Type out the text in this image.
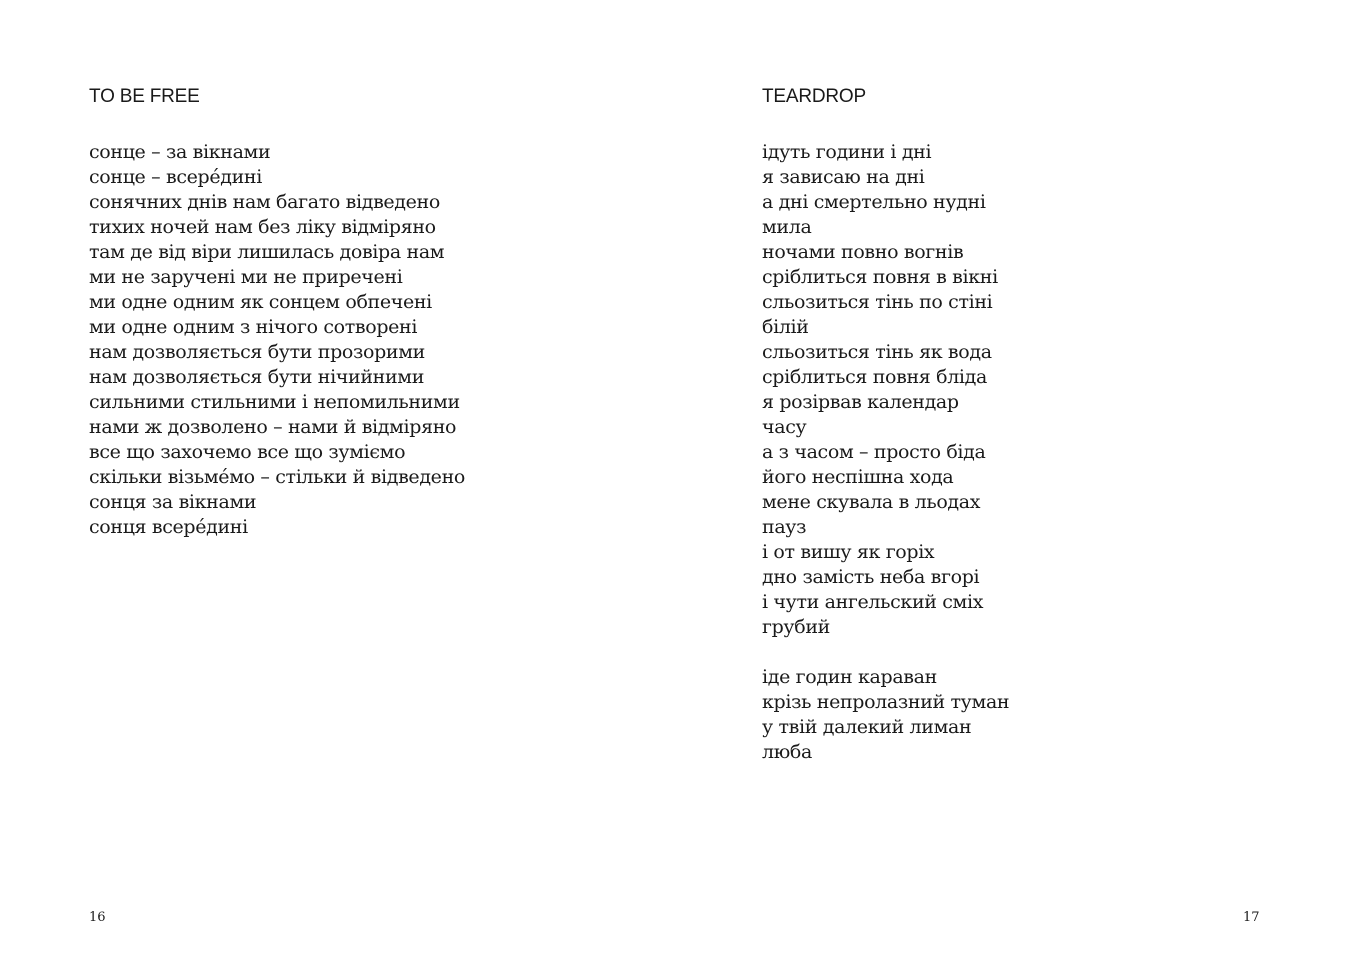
TO BE FREE
сонце – за вікнами
сонце – всере́дині
сонячних днів нам багато відведено
тихих ночей нам без ліку відміряно
там де від віри лишилась довіра нам
ми не заручені ми не приречені
ми одне одним як сонцем обпечені
ми одне одним з нічого сотворені
нам дозволяється бути прозорими
нам дозволяється бути нічийними
сильними стильними і непомильними
нами ж дозволено – нами й відміряно
все що захочемо все що зуміємо
скільки візьме́мо – стільки й відведено
сонця за вікнами
сонця всере́дині
16
TEARDROP
ідуть години і дні
я зависаю на дні
а дні смертельно нудні
мила
ночами повно вогнів
сріблиться повня в вікні
сльозиться тінь по стіні
білій
сльозиться тінь як вода
сріблиться повня бліда
я розірвав календар
часу
а з часом – просто біда
його неспішна хода
мене скувала в льодах
пауз
і от вишу як горіх
дно замість неба вгорі
і чути ангельский сміх
грубий
іде годин караван
крізь непролазний туман
у твій далекий лиман
люба
17
